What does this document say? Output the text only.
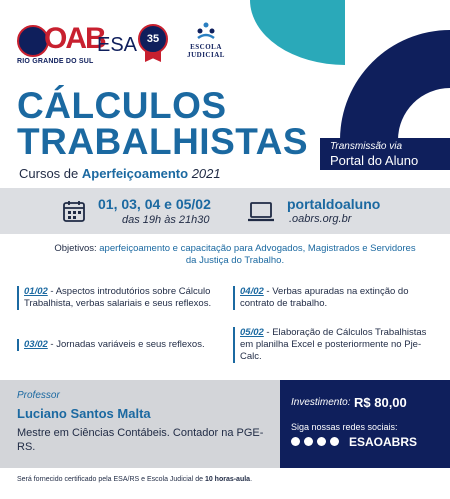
OAB
RIO GRANDE DO SUL
ESA 35
ESCOLA JUDICIAL
CÁLCULOS
TRABALHISTAS
Cursos de Aperfeiçoamento 2021
Transmissão via
Portal do Aluno
01, 03, 04 e 05/02
das 19h às 21h30
portaldoaluno
.oabrs.org.br
Objetivos: aperfeiçoamento e capacitação para Advogados, Magistrados e Servidores
da Justiça do Trabalho.
01/02 - Aspectos introdutórios sobre Cálculo Trabalhista, verbas salariais e seus reflexos.
03/02 - Jornadas variáveis e seus reflexos.
04/02 - Verbas apuradas na extinção do contrato de trabalho.
05/02 - Elaboração de Cálculos Trabalhistas em planilha Excel e posteriormente no Pje-Calc.
Professor
Luciano Santos Malta
Mestre em Ciências Contábeis. Contador na PGE-RS.
Investimento: R$ 80,00
Siga nossas redes sociais:
ESAOABRS
Será fornecido certificado pela ESA/RS e Escola Judicial de 10 horas-aula.
